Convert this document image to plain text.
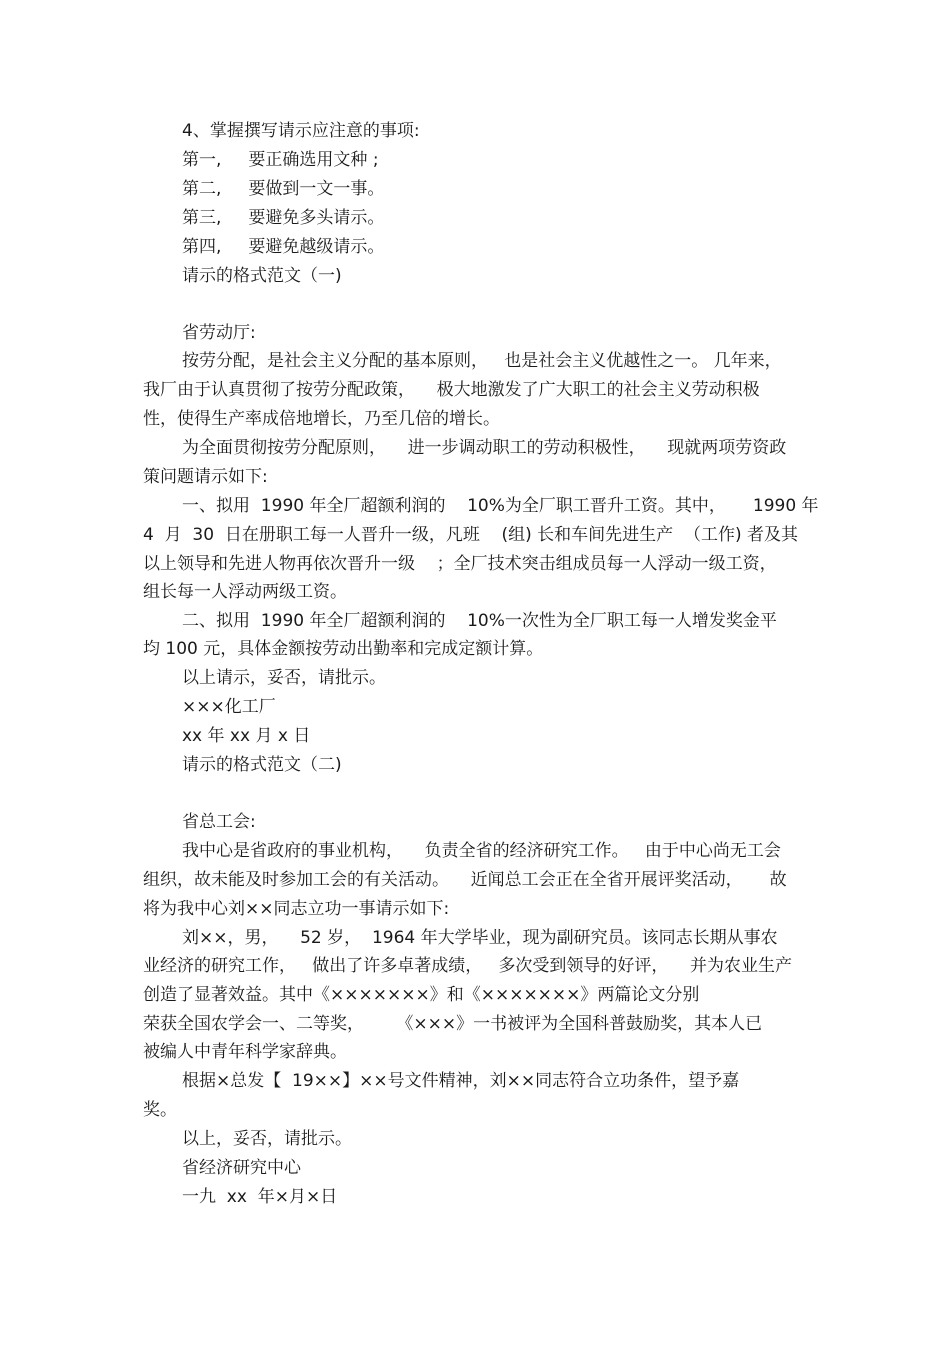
4、掌握撰写请示应注意的事项:

第一,     要正确选用文种 ;

第二,     要做到一文一事。

第三,     要避免多头请示。

第四,     要避免越级请示。

请示的格式范文（一)

省劳动厅:

按劳分配，是社会主义分配的基本原则，   也是社会主义优越性之一。 几年来，

我厂由于认真贯彻了按劳分配政策，    极大地激发了广大职工的社会主义劳动积极

性，使得生产率成倍地增长，乃至几倍的增长。

为全面贯彻按劳分配原则，    进一步调动职工的劳动积极性，    现就两项劳资政

策问题请示如下:

一、拟用  1990 年全厂超额利润的    10%为全厂职工晋升工资。其中，     1990 年

4  月  30  日在册职工每一人晋升一级，凡班    (组) 长和车间先进生产  （工作) 者及其

以上领导和先进人物再依次晋升一级    ；全厂技术突击组成员每一人浮动一级工资，

组长每一人浮动两级工资。

二、拟用  1990 年全厂超额利润的    10%一次性为全厂职工每一人增发奖金平

均 100 元，具体金额按劳动出勤率和完成定额计算。

以上请示，妥否，请批示。

×××化工厂

xx 年 xx 月 x 日

请示的格式范文（二)

省总工会:

我中心是省政府的事业机构，    负责全省的经济研究工作。   由于中心尚无工会

组织，故未能及时参加工会的有关活动。    近闻总工会正在全省开展评奖活动，     故

将为我中心刘××同志立功一事请示如下:

刘××，男，    52 岁，  1964 年大学毕业，现为副研究员。该同志长期从事农

业经济的研究工作，   做出了许多卓著成绩，   多次受到领导的好评，    并为农业生产

创造了显著效益。其中《×××××××》和《×××××××》两篇论文分别

荣获全国农学会一、二等奖，      《×××》一书被评为全国科普鼓励奖，其本人已

被编人中青年科学家辞典。

根据×总发【  19××】××号文件精神，刘××同志符合立功条件，望予嘉

奖。

以上，妥否，请批示。

省经济研究中心

一九  xx  年×月×日
